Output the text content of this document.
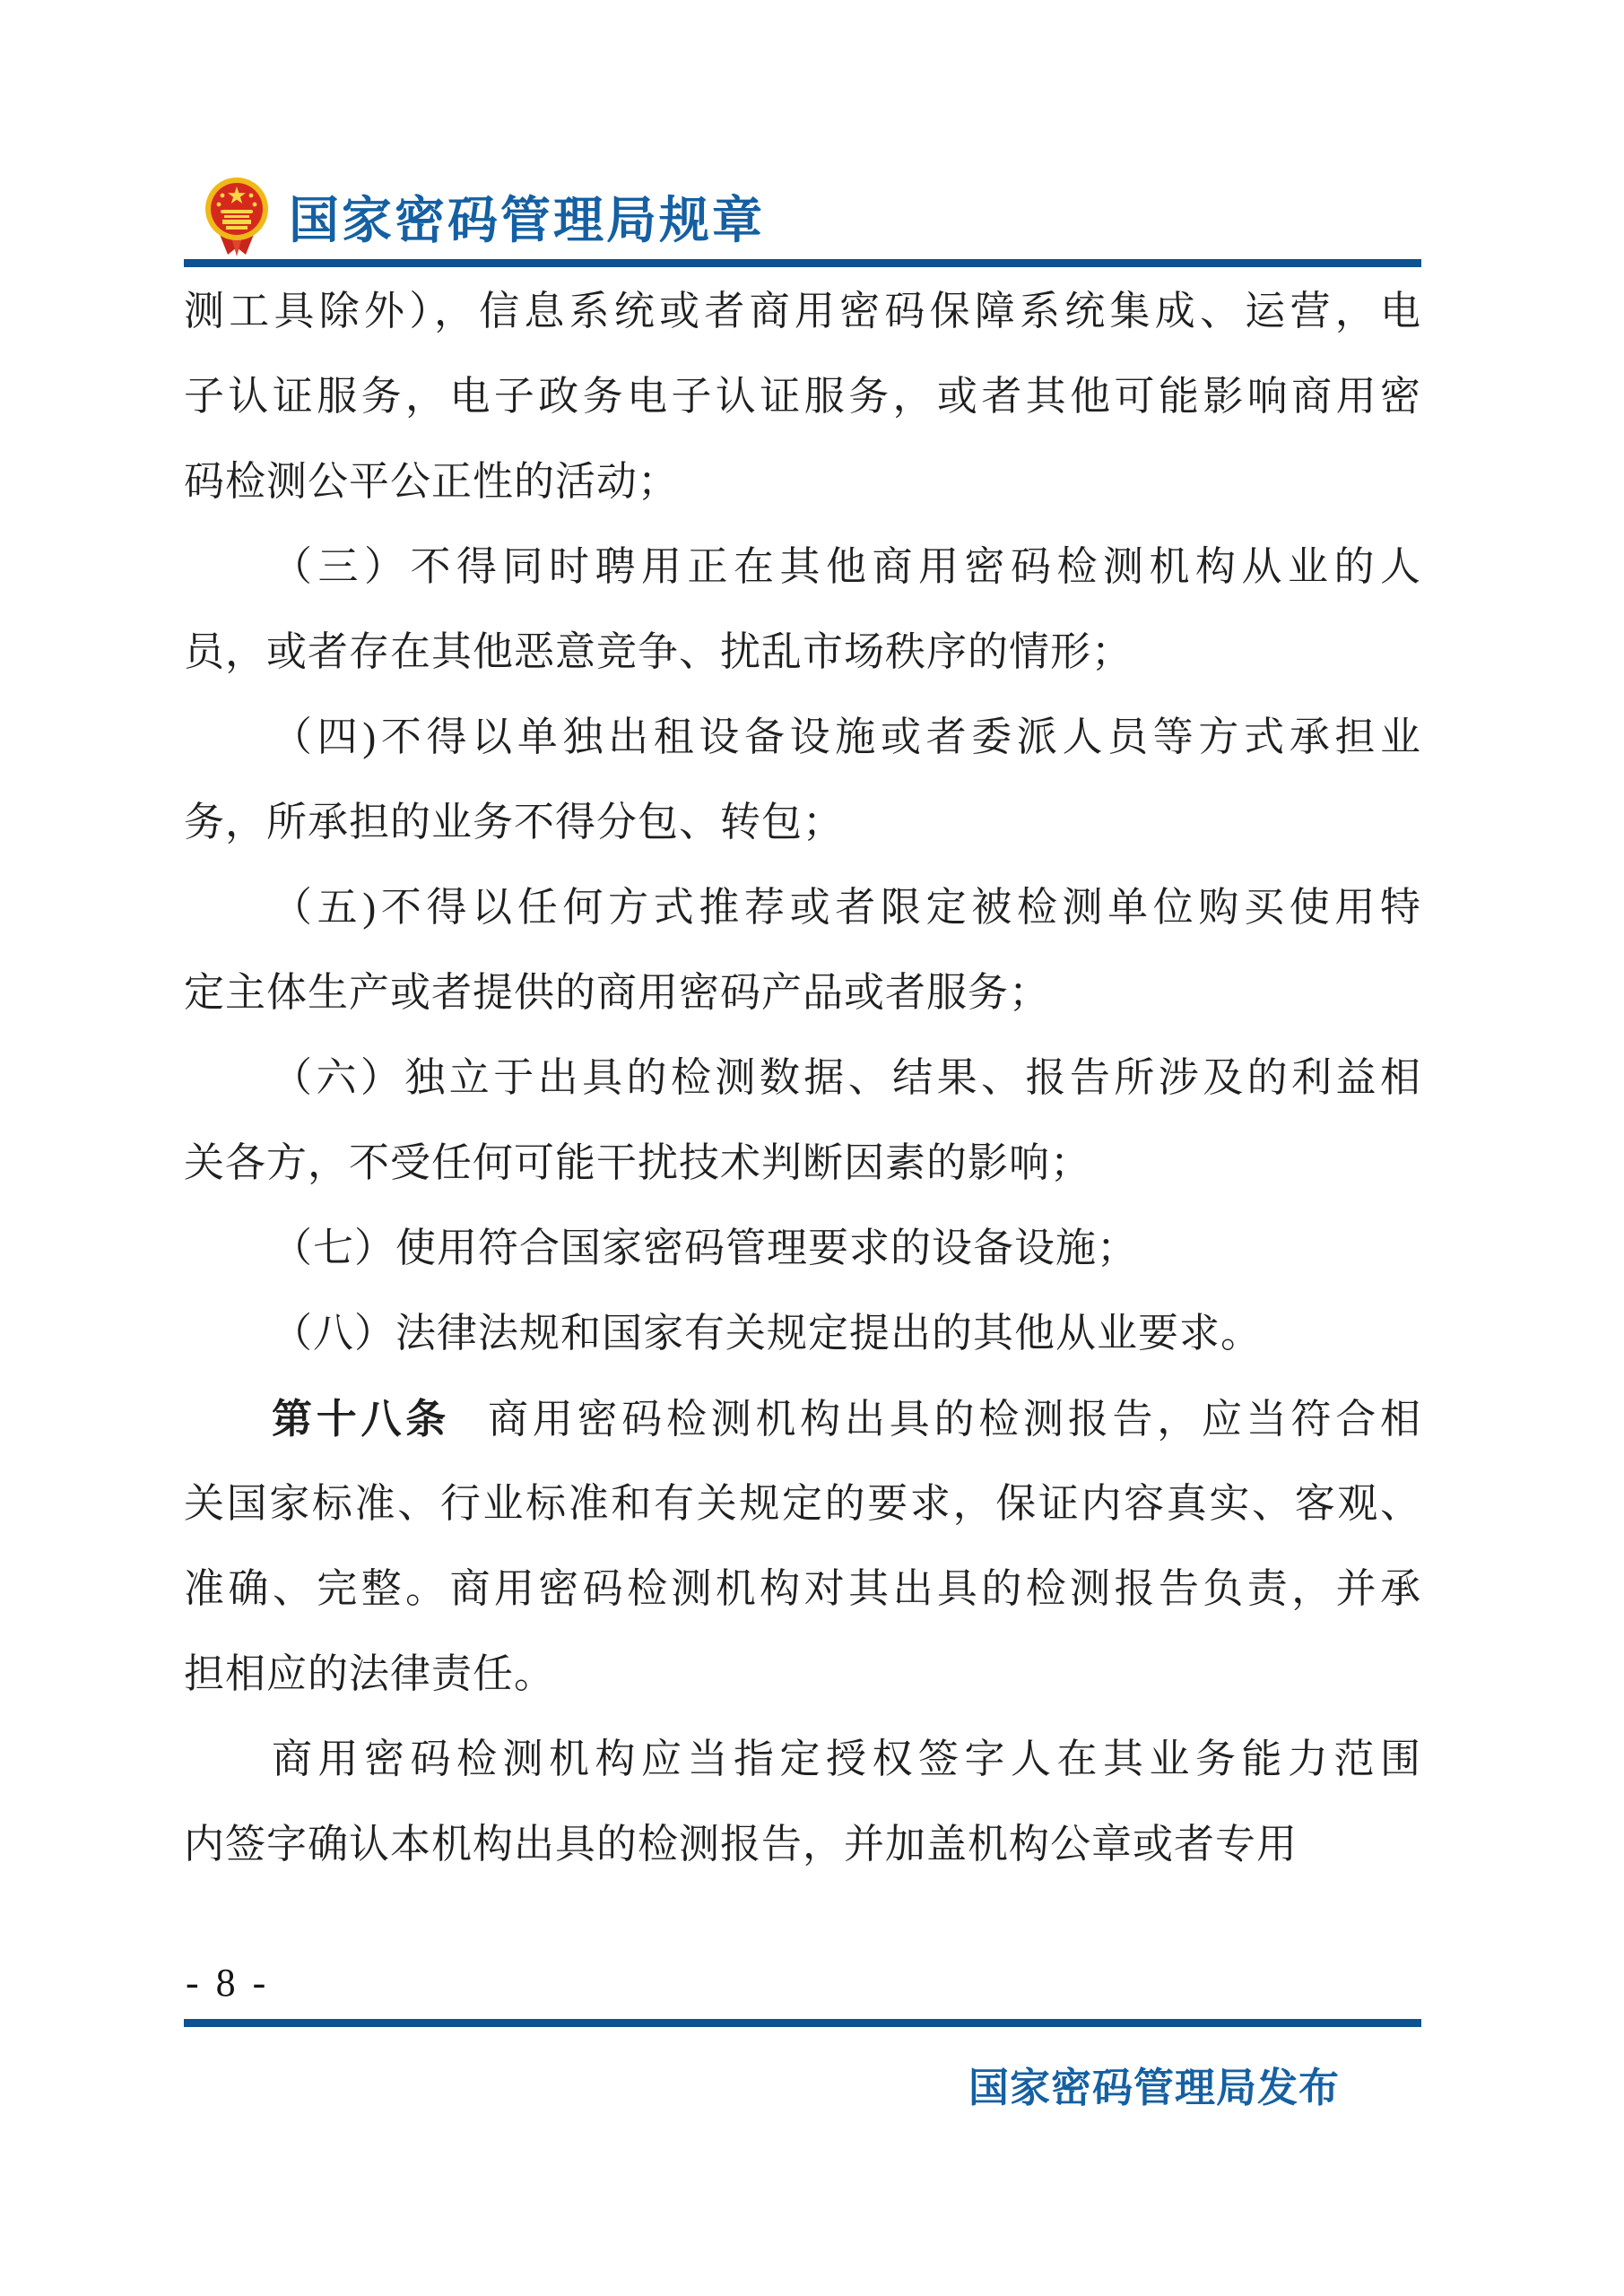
国家密码管理局规章
测工具除外），信息系统或者商用密码保障系统集成、运营，电
子认证服务，电子政务电子认证服务，或者其他可能影响商用密
码检测公平公正性的活动；
（三）不得同时聘用正在其他商用密码检测机构从业的人
员，或者存在其他恶意竞争、扰乱市场秩序的情形；
（四)不得以单独出租设备设施或者委派人员等方式承担业
务，所承担的业务不得分包、转包；
（五)不得以任何方式推荐或者限定被检测单位购买使用特
定主体生产或者提供的商用密码产品或者服务；
（六）独立于出具的检测数据、结果、报告所涉及的利益相
关各方，不受任何可能干扰技术判断因素的影响；
（七）使用符合国家密码管理要求的设备设施；
（八）法律法规和国家有关规定提出的其他从业要求。
第十八条 商用密码检测机构出具的检测报告，应当符合相
关国家标准、行业标准和有关规定的要求，保证内容真实、客观、
准确、完整。商用密码检测机构对其出具的检测报告负责，并承
担相应的法律责任。
商用密码检测机构应当指定授权签字人在其业务能力范围
内签字确认本机构出具的检测报告，并加盖机构公章或者专用
- 8 -
国家密码管理局发布
